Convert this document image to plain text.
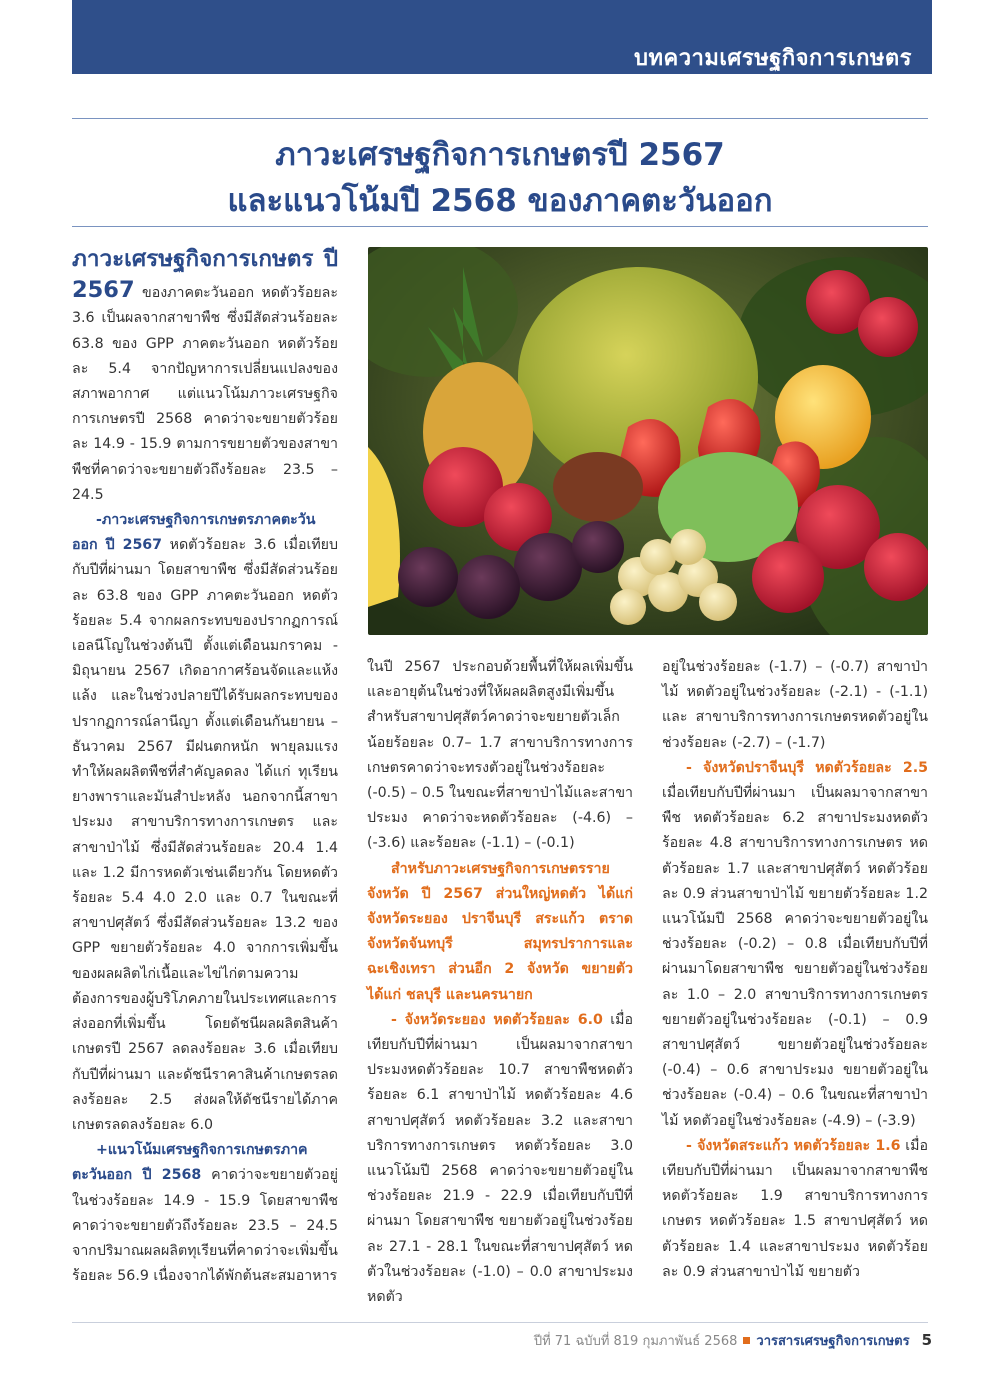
บทความเศรษฐกิจการเกษตร
ภาวะเศรษฐกิจการเกษตรปี 2567
และแนวโน้มปี 2568 ของภาคตะวันออก

ภาวะเศรษฐกิจการเกษตร ปี 2567 ของภาคตะวันออก หดตัวร้อยละ 3.6 เป็นผลจากสาขาพืช ซึ่งมีสัดส่วนร้อยละ 63.8 ของ GPP ภาคตะวันออก หดตัวร้อยละ 5.4 จากปัญหาการเปลี่ยนแปลงของสภาพอากาศ แต่แนวโน้มภาวะเศรษฐกิจการเกษตรปี 2568 คาดว่าจะขยายตัวร้อยละ 14.9 - 15.9 ตามการขยายตัวของสาขาพืชที่คาดว่าจะขยายตัวถึงร้อยละ 23.5 – 24.5

-ภาวะเศรษฐกิจการเกษตรภาคตะวันออก ปี 2567 หดตัวร้อยละ 3.6 เมื่อเทียบกับปีที่ผ่านมา โดยสาขาพืช ซึ่งมีสัดส่วนร้อยละ 63.8 ของ GPP ภาคตะวันออก หดตัวร้อยละ 5.4 จากผลกระทบของปรากฏการณ์เอลนีโญในช่วงต้นปี ตั้งแต่เดือนมกราคม - มิถุนายน 2567 เกิดอากาศร้อนจัดและแห้งแล้ง และในช่วงปลายปีได้รับผลกระทบของปรากฏการณ์ลานีญา ตั้งแต่เดือนกันยายน – ธันวาคม 2567 มีฝนตกหนัก พายุลมแรง ทำให้ผลผลิตพืชที่สำคัญลดลง ได้แก่ ทุเรียน ยางพาราและมันสำปะหลัง นอกจากนี้สาขาประมง สาขาบริการทางการเกษตร และสาขาป่าไม้ ซึ่งมีสัดส่วนร้อยละ 20.4 1.4 และ 1.2 มีการหดตัวเช่นเดียวกัน โดยหดตัวร้อยละ 5.4 4.0 2.0 และ 0.7 ในขณะที่สาขาปศุสัตว์ ซึ่งมีสัดส่วนร้อยละ 13.2 ของ GPP ขยายตัวร้อยละ 4.0 จากการเพิ่มขึ้นของผลผลิตไก่เนื้อและไข่ไก่ตามความต้องการของผู้บริโภคภายในประเทศและการส่งออกที่เพิ่มขึ้น โดยดัชนีผลผลิตสินค้าเกษตรปี 2567 ลดลงร้อยละ 3.6 เมื่อเทียบกับปีที่ผ่านมา และดัชนีราคาสินค้าเกษตรลดลงร้อยละ 2.5 ส่งผลให้ดัชนีรายได้ภาคเกษตรลดลงร้อยละ 6.0

+แนวโน้มเศรษฐกิจการเกษตรภาคตะวันออก ปี 2568 คาดว่าจะขยายตัวอยู่ในช่วงร้อยละ 14.9 - 15.9 โดยสาขาพืชคาดว่าจะขยายตัวถึงร้อยละ 23.5 – 24.5 จากปริมาณผลผลิตทุเรียนที่คาดว่าจะเพิ่มขึ้นร้อยละ 56.9 เนื่องจากได้พักต้นสะสมอาหาร

ในปี 2567 ประกอบด้วยพื้นที่ให้ผลเพิ่มขึ้นและอายุต้นในช่วงที่ให้ผลผลิตสูงมีเพิ่มขึ้น สำหรับสาขาปศุสัตว์คาดว่าจะขยายตัวเล็กน้อยร้อยละ 0.7– 1.7 สาขาบริการทางการเกษตรคาดว่าจะทรงตัวอยู่ในช่วงร้อยละ (-0.5) – 0.5 ในขณะที่สาขาป่าไม้และสาขาประมง คาดว่าจะหดตัวร้อยละ (-4.6) – (-3.6) และร้อยละ (-1.1) – (-0.1)

สำหรับภาวะเศรษฐกิจการเกษตรรายจังหวัด ปี 2567 ส่วนใหญ่หดตัว ได้แก่ จังหวัดระยอง ปราจีนบุรี สระแก้ว ตราด จังหวัดจันทบุรี สมุทรปราการและฉะเชิงเทรา ส่วนอีก 2 จังหวัด ขยายตัว ได้แก่ ชลบุรี และนครนายก

- จังหวัดระยอง หดตัวร้อยละ 6.0 เมื่อเทียบกับปีที่ผ่านมา เป็นผลมาจากสาขาประมงหดตัวร้อยละ 10.7 สาขาพืชหดตัวร้อยละ 6.1 สาขาป่าไม้ หดตัวร้อยละ 4.6 สาขาปศุสัตว์ หดตัวร้อยละ 3.2 และสาขาบริการทางการเกษตร หดตัวร้อยละ 3.0 แนวโน้มปี 2568 คาดว่าจะขยายตัวอยู่ในช่วงร้อยละ 21.9 - 22.9 เมื่อเทียบกับปีที่ผ่านมา โดยสาขาพืช ขยายตัวอยู่ในช่วงร้อยละ 27.1 - 28.1 ในขณะที่สาขาปศุสัตว์ หดตัวในช่วงร้อยละ (-1.0) – 0.0 สาขาประมงหดตัว

อยู่ในช่วงร้อยละ (-1.7) – (-0.7) สาขาป่าไม้ หดตัวอยู่ในช่วงร้อยละ (-2.1) - (-1.1) และ สาขาบริการทางการเกษตรหดตัวอยู่ในช่วงร้อยละ (-2.7) – (-1.7)

- จังหวัดปราจีนบุรี หดตัวร้อยละ 2.5 เมื่อเทียบกับปีที่ผ่านมา เป็นผลมาจากสาขาพืช หดตัวร้อยละ 6.2 สาขาประมงหดตัว ร้อยละ 4.8 สาขาบริการทางการเกษตร หดตัวร้อยละ 1.7 และสาขาปศุสัตว์ หดตัวร้อยละ 0.9 ส่วนสาขาป่าไม้ ขยายตัวร้อยละ 1.2 แนวโน้มปี 2568 คาดว่าจะขยายตัวอยู่ในช่วงร้อยละ (-0.2) – 0.8 เมื่อเทียบกับปีที่ผ่านมาโดยสาขาพืช ขยายตัวอยู่ในช่วงร้อยละ 1.0 – 2.0 สาขาบริการทางการเกษตร ขยายตัวอยู่ในช่วงร้อยละ (-0.1) – 0.9 สาขาปศุสัตว์ ขยายตัวอยู่ในช่วงร้อยละ (-0.4) – 0.6 สาขาประมง ขยายตัวอยู่ในช่วงร้อยละ (-0.4) – 0.6 ในขณะที่สาขาป่าไม้ หดตัวอยู่ในช่วงร้อยละ (-4.9) – (-3.9)

- จังหวัดสระแก้ว หดตัวร้อยละ 1.6 เมื่อเทียบกับปีที่ผ่านมา เป็นผลมาจากสาขาพืช หดตัวร้อยละ 1.9 สาขาบริการทางการเกษตร หดตัวร้อยละ 1.5 สาขาปศุสัตว์ หดตัวร้อยละ 1.4 และสาขาประมง หดตัวร้อยละ 0.9 ส่วนสาขาป่าไม้ ขยายตัว

ปีที่ 71 ฉบับที่ 819 กุมภาพันธ์ 2568 วารสารเศรษฐกิจการเกษตร 5
